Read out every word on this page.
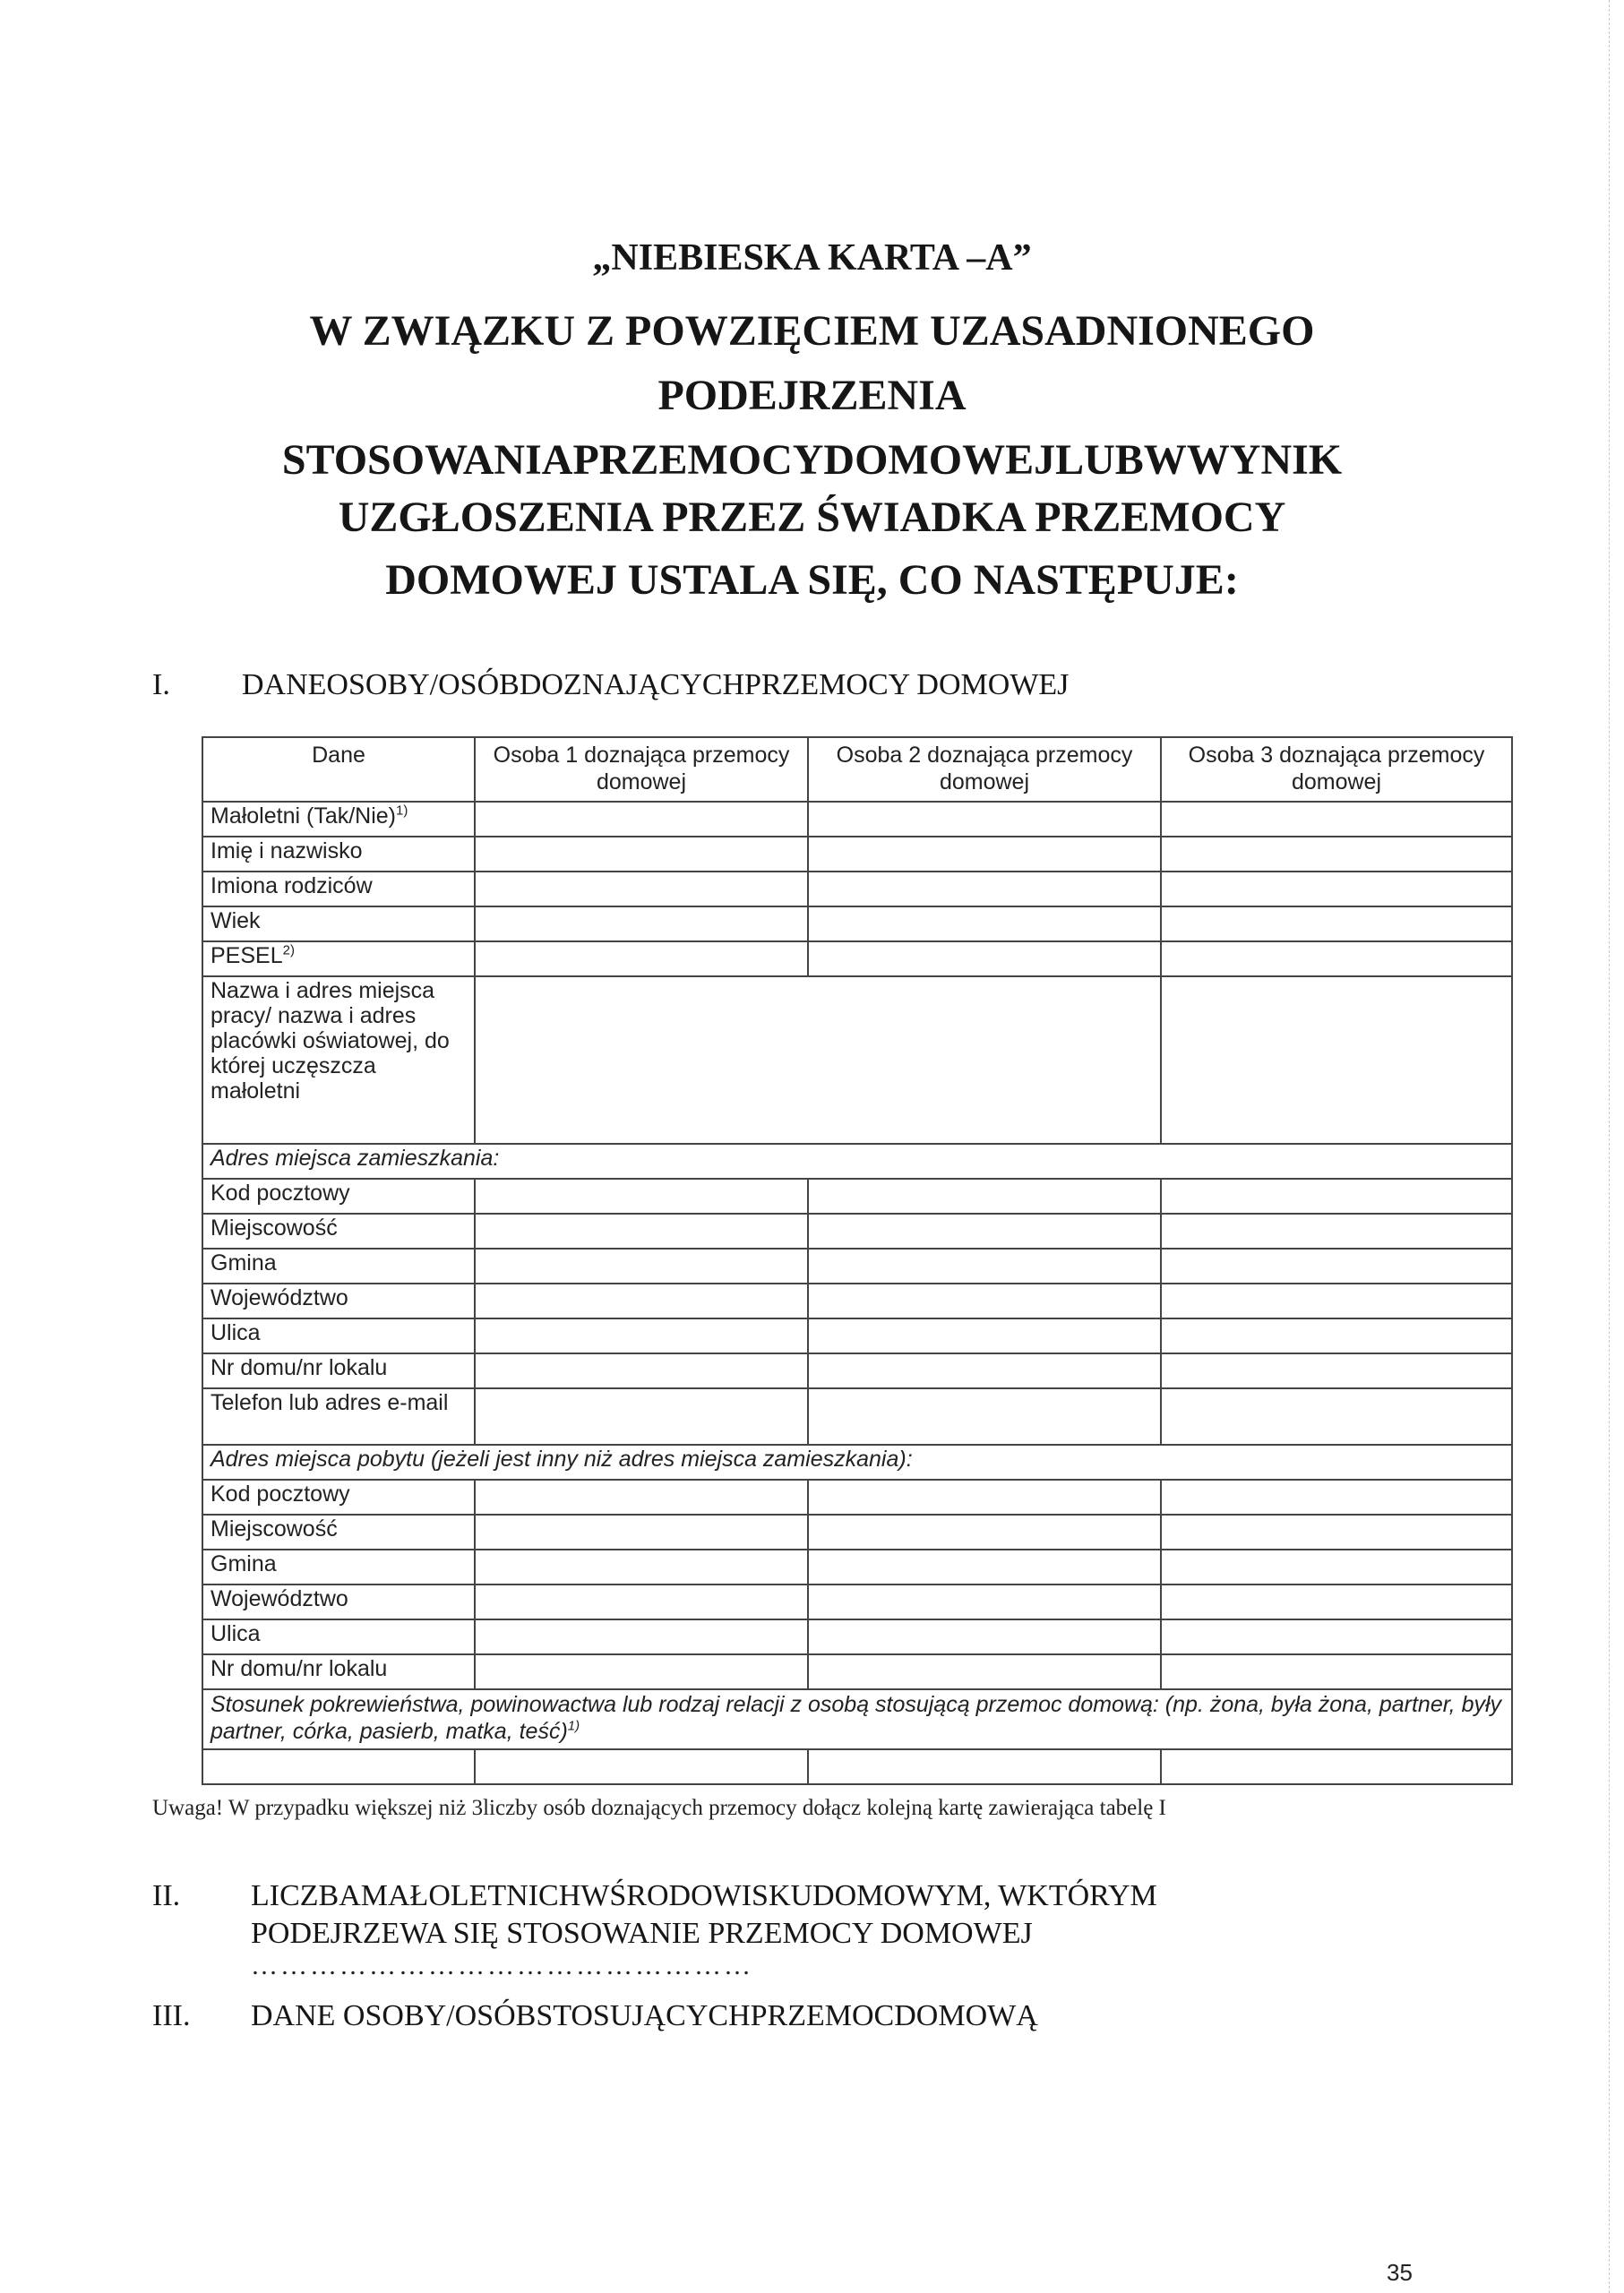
„NIEBIESKA KARTA –A”
W ZWIĄZKU Z POWZIĘCIEM UZASADNIONEGO
PODEJRZENIA
STOSOWANIAPRZEMOCYDOMOWEJLUBWWYNIK
UZGŁOSZENIA PRZEZ ŚWIADKA PRZEMOCY
DOMOWEJ USTALA SIĘ, CO NASTĘPUJE:
I. DANEOSOBY/OSÓBDOZNAJĄCYCHPRZEMOCY DOMOWEJ
Dane	Osoba 1 doznająca przemocy domowej	Osoba 2 doznająca przemocy domowej	Osoba 3 doznająca przemocy domowej
Małoletni $(Tak/Nie)^{1)}$			
Imię i nazwisko			
Imiona rodziców			
Wiek			
PESEL$^{2)}$			
Nazwa i adres miejsca pracy/ nazwa i adres placówki oświatowej, do której uczęszcza małoletni			
Adres miejsca zamieszkania:			
Kod pocztowy			
Miejscowość			
Gmina			
Województwo			
Ulica			
Nr domu/nr lokalu			
Telefon lub adres e-mail			
Adres miejsca pobytu (jeżeli jest inny niż adres miejsca zamieszkania):			
Kod pocztowy			
Miejscowość			
Gmina			
Województwo			
Ulica			
Nr domu/nr lokalu			
Stosunek pokrewieństwa, powinowactwa lub rodzaj relacji z osobą stosującą przemoc domową: (np. żona, była żona, partner, były partner, córka, pasierb, matka, teść)$^{1)}$

Uwaga! W przypadku większej niż 3liczby osób doznających przemocy dołącz kolejną kartę zawierająca tabelę I
II. LICZBAMAŁOLETNICHWŚRODOWISKUDOMOWYM, WKTÓRYM
PODEJRZEWA SIĘ STOSOWANIE PRZEMOCY DOMOWEJ
……………………………………………
III. DANE OSOBY/OSÓBSTOSUJĄCYCHPRZEMOCDOMOWĄ
35
